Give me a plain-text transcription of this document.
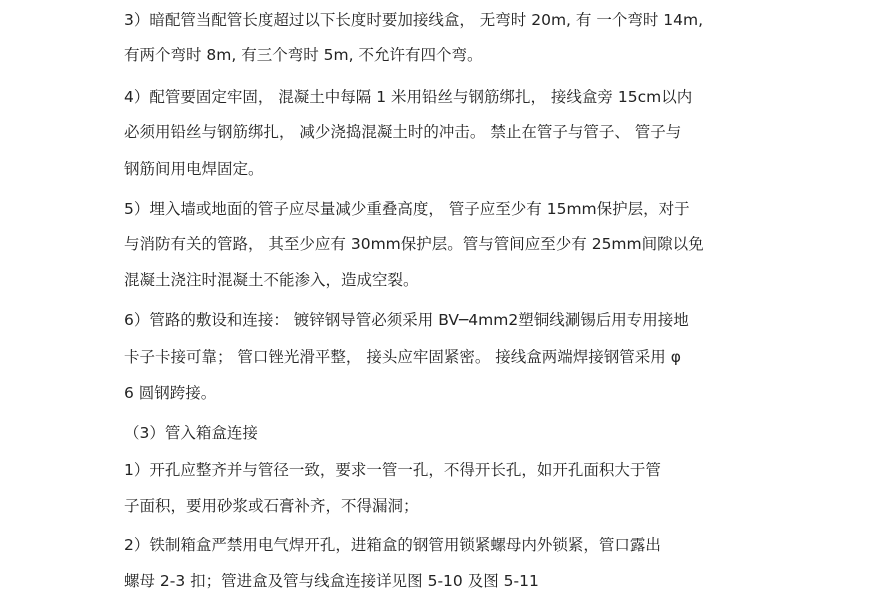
3）暗配管当配管长度超过以下长度时要加接线盒， 无弯时 20m, 有 一个弯时 14m,
有两个弯时 8m, 有三个弯时 5m, 不允许有四个弯。
4）配管要固定牢固， 混凝土中每隔 1 米用铅丝与钢筋绑扎， 接线盒旁 15cm以内
必须用铅丝与钢筋绑扎， 减少浇捣混凝土时的冲击。 禁止在管子与管子、 管子与
钢筋间用电焊固定。
5）埋入墙或地面的管子应尽量减少重叠高度， 管子应至少有 15mm保护层，对于
与消防有关的管路， 其至少应有 30mm保护层。管与管间应至少有 25mm间隙以免
混凝土浇注时混凝土不能渗入，造成空裂。
6）管路的敷设和连接： 镀锌钢导管必须采用 BV─4mm2塑铜线涮锡后用专用接地
卡子卡接可靠； 管口锉光滑平整， 接头应牢固紧密。 接线盒两端焊接钢管采用 φ
6 圆钢跨接。
（3）管入箱盒连接
1）开孔应整齐并与管径一致，要求一管一孔，不得开长孔，如开孔面积大于管
子面积，要用砂浆或石膏补齐，不得漏洞；
2）铁制箱盒严禁用电气焊开孔，进箱盒的钢管用锁紧螺母内外锁紧，管口露出
螺母 2-3 扣；管进盒及管与线盒连接详见图 5-10 及图 5-11
